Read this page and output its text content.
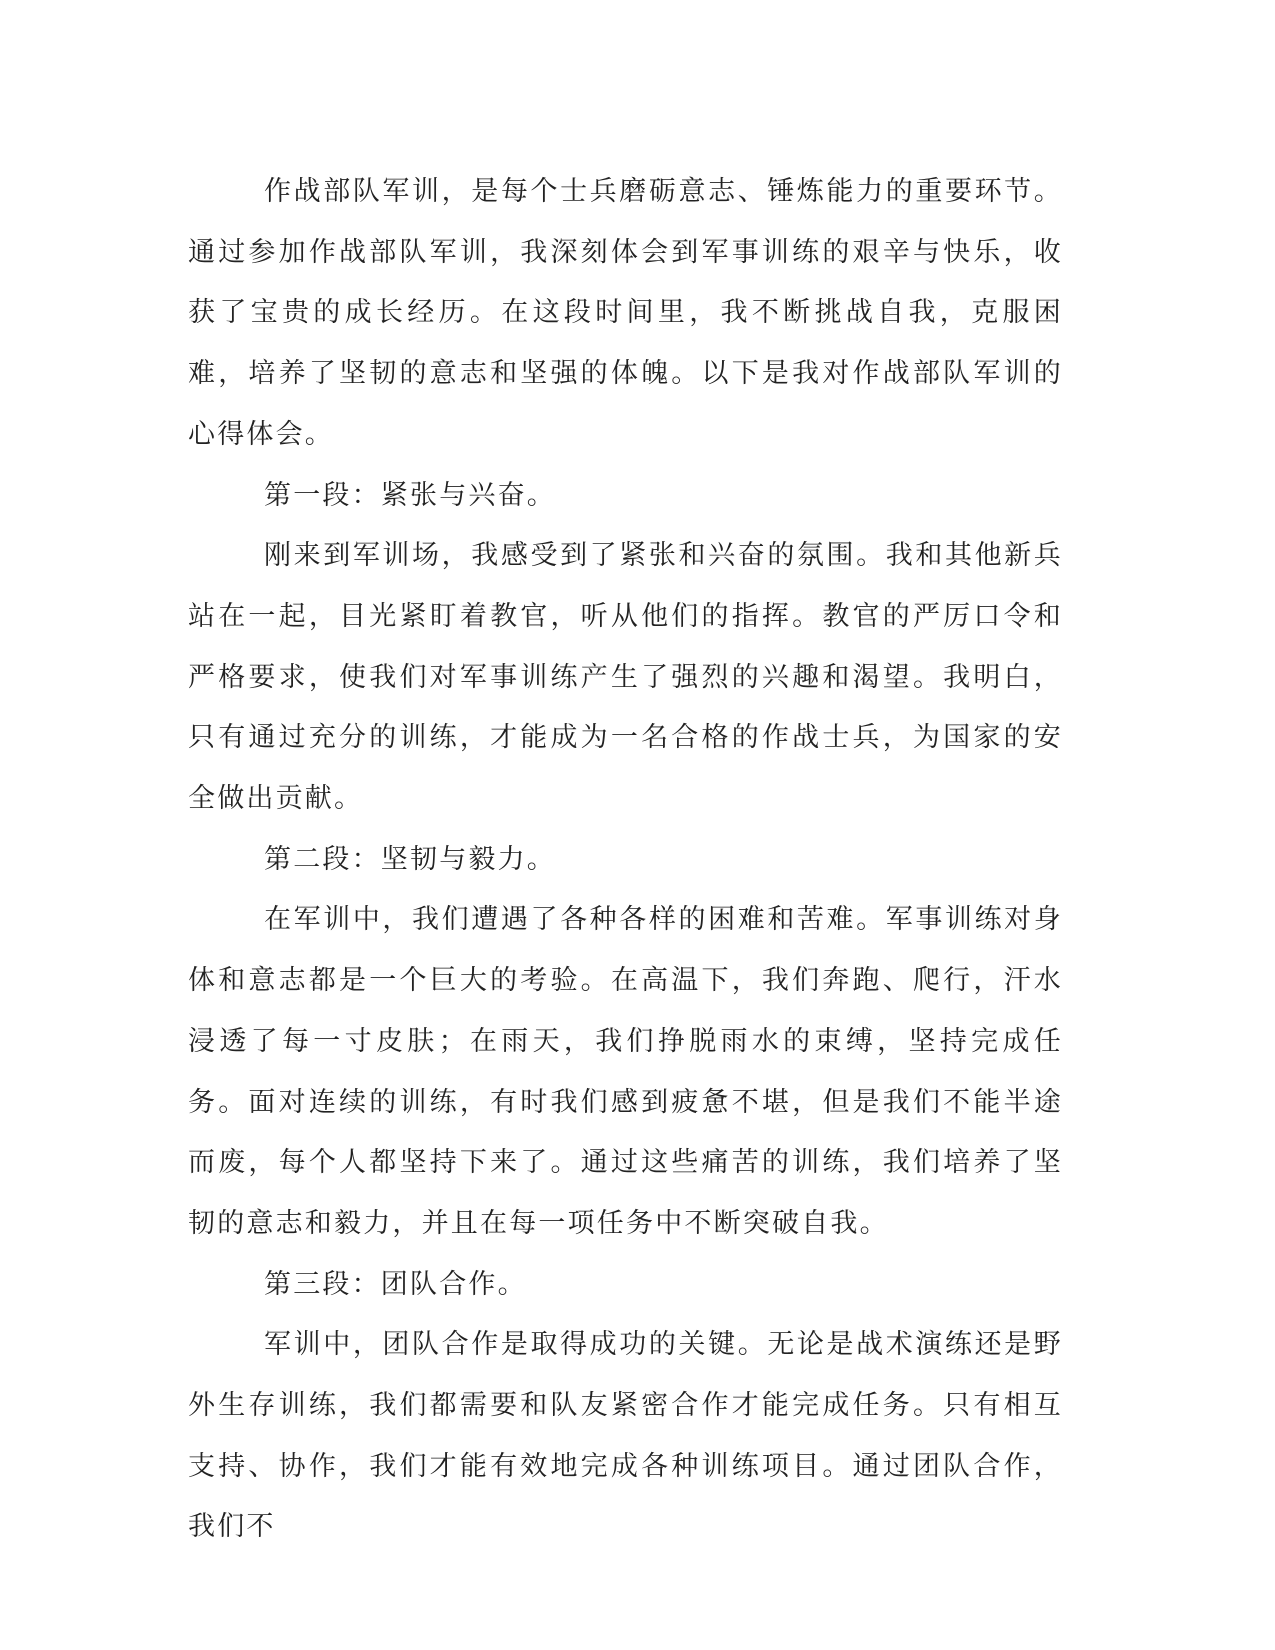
作战部队军训，是每个士兵磨砺意志、锤炼能力的重要环节。通过参加作战部队军训，我深刻体会到军事训练的艰辛与快乐，收获了宝贵的成长经历。在这段时间里，我不断挑战自我，克服困难，培养了坚韧的意志和坚强的体魄。以下是我对作战部队军训的心得体会。

第一段：紧张与兴奋。

刚来到军训场，我感受到了紧张和兴奋的氛围。我和其他新兵站在一起，目光紧盯着教官，听从他们的指挥。教官的严厉口令和严格要求，使我们对军事训练产生了强烈的兴趣和渴望。我明白，只有通过充分的训练，才能成为一名合格的作战士兵，为国家的安全做出贡献。

第二段：坚韧与毅力。

在军训中，我们遭遇了各种各样的困难和苦难。军事训练对身体和意志都是一个巨大的考验。在高温下，我们奔跑、爬行，汗水浸透了每一寸皮肤；在雨天，我们挣脱雨水的束缚，坚持完成任务。面对连续的训练，有时我们感到疲惫不堪，但是我们不能半途而废，每个人都坚持下来了。通过这些痛苦的训练，我们培养了坚韧的意志和毅力，并且在每一项任务中不断突破自我。

第三段：团队合作。

军训中，团队合作是取得成功的关键。无论是战术演练还是野外生存训练，我们都需要和队友紧密合作才能完成任务。只有相互支持、协作，我们才能有效地完成各种训练项目。通过团队合作，我们不
